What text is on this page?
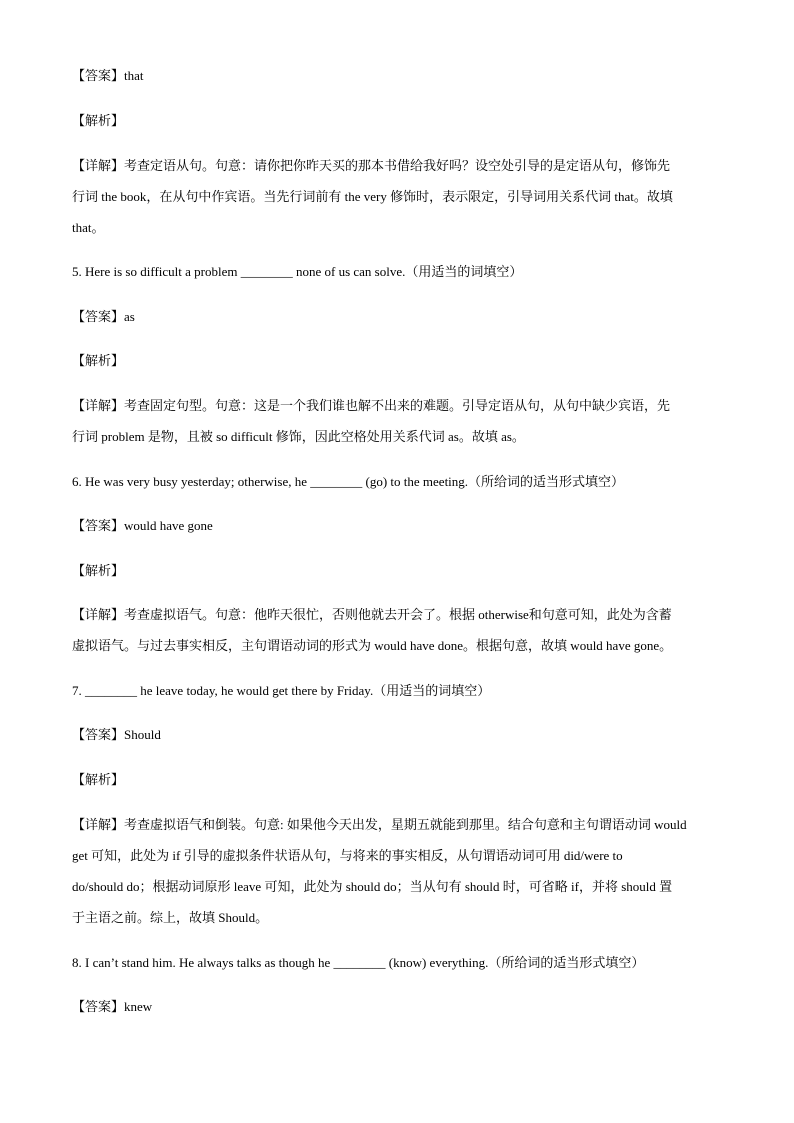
【答案】that
【解析】
【详解】考查定语从句。句意：请你把你昨天买的那本书借给我好吗？设空处引导的是定语从句，修饰先
行词 the book，在从句中作宾语。当先行词前有 the very 修饰时，表示限定，引导词用关系代词 that。故填
that。
5. Here is so difficult a problem ________ none of us can solve.（用适当的词填空）
【答案】as
【解析】
【详解】考查固定句型。句意：这是一个我们谁也解不出来的难题。引导定语从句，从句中缺少宾语，先
行词 problem 是物，且被 so difficult 修饰，因此空格处用关系代词 as。故填 as。
6. He was very busy yesterday; otherwise, he ________ (go) to the meeting.（所给词的适当形式填空）
【答案】would have gone
【解析】
【详解】考查虚拟语气。句意：他昨天很忙，否则他就去开会了。根据 otherwise和句意可知，此处为含蓄
虚拟语气。与过去事实相反，主句谓语动词的形式为 would have done。根据句意，故填 would have gone。
7. ________ he leave today, he would get there by Friday.（用适当的词填空）
【答案】Should
【解析】
【详解】考查虚拟语气和倒装。句意: 如果他今天出发，星期五就能到那里。结合句意和主句谓语动词 would
get 可知，此处为 if 引导的虚拟条件状语从句，与将来的事实相反，从句谓语动词可用 did/were to
do/should do；根据动词原形 leave 可知，此处为 should do；当从句有 should 时，可省略 if，并将 should 置
于主语之前。综上，故填 Should。
8. I can’t stand him. He always talks as though he ________ (know) everything.（所给词的适当形式填空）
【答案】knew
